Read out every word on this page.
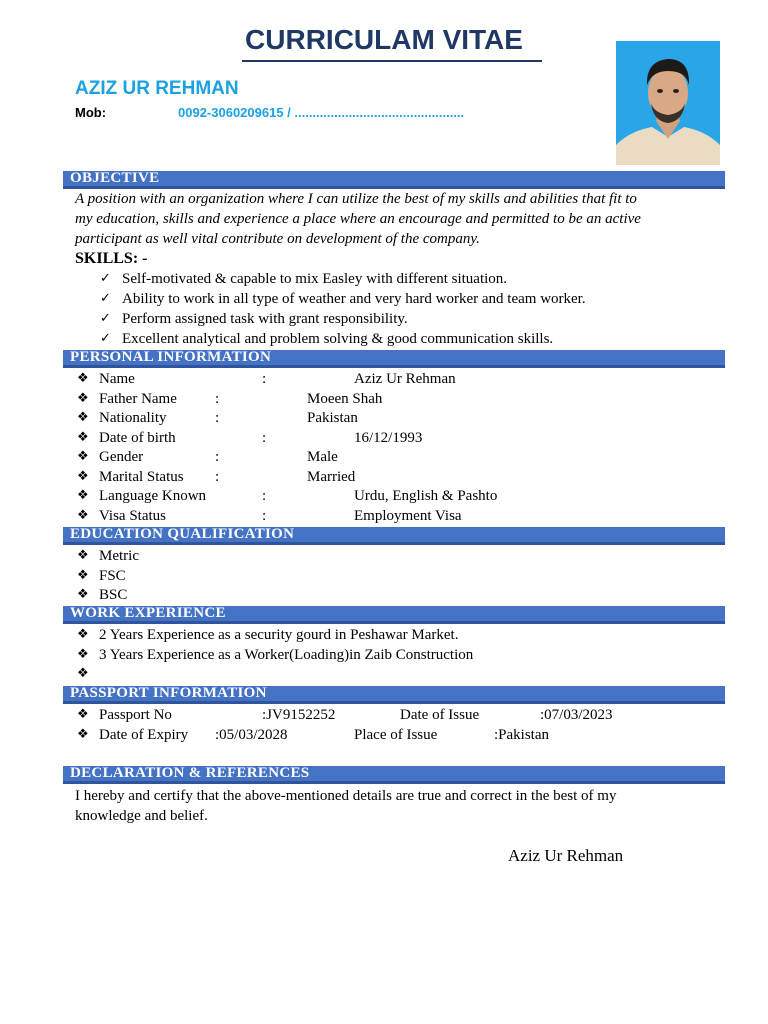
CURRICULAM VITAE
AZIZ UR REHMAN
Mob:	0092-3060209615 / ...............................................
OBJECTIVE
A position with an organization where I can utilize the best of my skills and abilities that fit to
my education, skills and experience a place where an encourage and permitted to be an active
participant as well vital contribute on development of the company.
SKILLS: -
✓ Self-motivated & capable to mix Easley with different situation.
✓ Ability to work in all type of weather and very hard worker and team worker.
✓ Perform assigned task with grant responsibility.
✓ Excellent analytical and problem solving & good communication skills.
PERSONAL INFORMATION
❖ Name	:	Aziz Ur Rehman
❖ Father Name	:	Moeen Shah
❖ Nationality	:	Pakistan
❖ Date of birth	:	16/12/1993
❖ Gender	:	Male
❖ Marital Status :	Married
❖ Language Known	:	Urdu, English & Pashto
❖ Visa Status	:	Employment Visa
EDUCATION QUALIFICATION
❖ Metric
❖ FSC
❖ BSC
WORK EXPERIENCE
❖ 2 Years Experience as a security gourd in Peshawar Market.
❖ 3 Years Experience as a Worker(Loading)in Zaib Construction
❖
PASSPORT INFORMATION
❖ Passport No	:JV9152252	Date of Issue	:07/03/2023
❖ Date of Expiry :05/03/2028	Place of Issue	:Pakistan
DECLARATION & REFERENCES
I hereby and certify that the above-mentioned details are true and correct in the best of my
knowledge and belief.
Aziz Ur Rehman
